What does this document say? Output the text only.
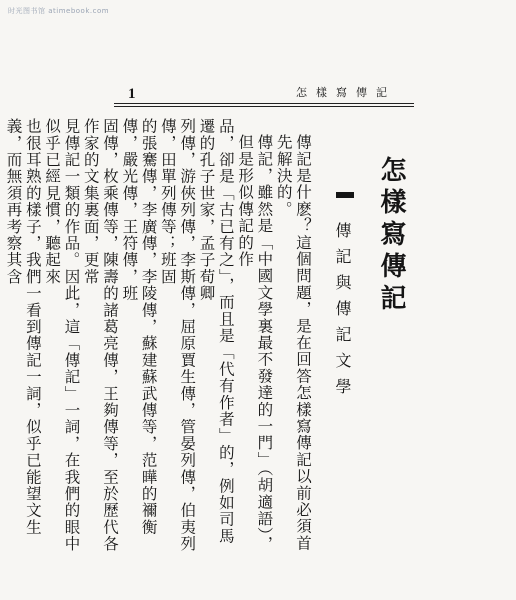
时光图书馆 atimebook.com
1	怎樣寫傳記
怎樣寫傳記
傳記與傳記文學

傳記是什麽？這個問題，是在回答怎樣寫傳記以前必須首先解決的。

傳記，雖然是「中國文學裏最不發達的一門」（胡適語），但是形似傳記的作
品，卻是「古已有之」，而且是「代有作者」的，例如司馬遷的孔子世家，孟子荀卿
列傳，游俠列傳，李斯傳，屈原賈生傳，管晏列傳，伯夷列傳，田單列傳等；班固
的張騫傳，李廣傳，李陵傳，蘇建蘇武傳等，范曄的禰衡傳，嚴光傳，王符傳，班
固傳，枚乘傳等，陳壽的諸葛亮傳，王夠傳等，至於歷代各作家的文集裏面，更常
見傳記一類的作品。因此，這「傳記」一詞，在我們的眼中似乎已經見慣，聽起來
也很耳熟的樣子，我們一看到傳記一詞，似乎已能望文生義，而無須再考察其含
